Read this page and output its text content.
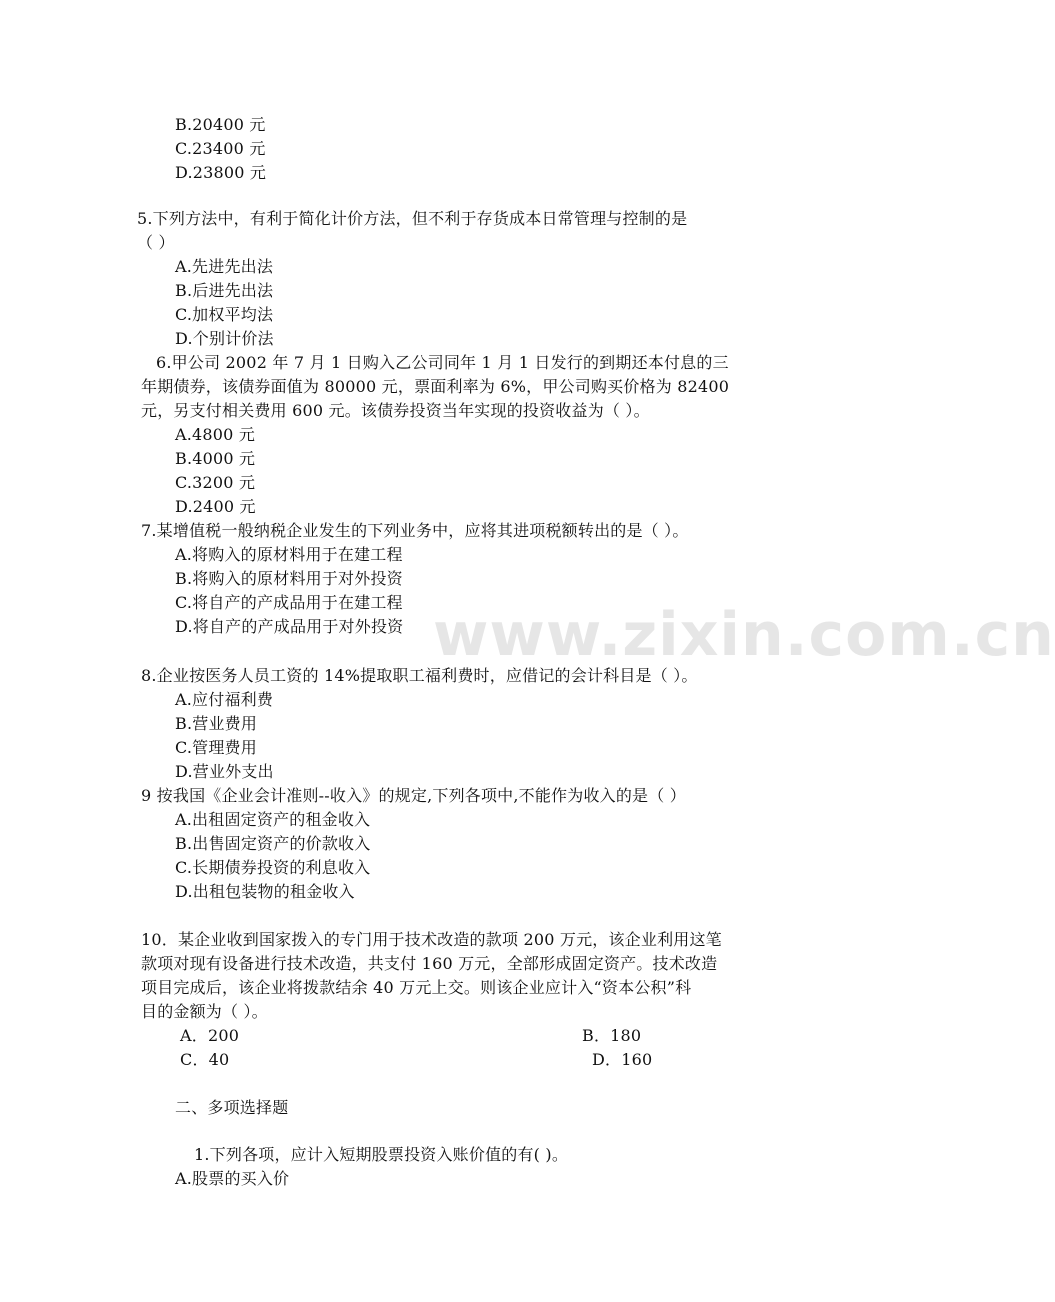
www.zixin.com.cn
B.20400 元
C.23400 元
D.23800 元
5.下列方法中，有利于简化计价方法，但不利于存货成本日常管理与控制的是
（ ）
A.先进先出法
B.后进先出法
C.加权平均法
D.个别计价法
6.甲公司 2002 年 7 月 1 日购入乙公司同年 1 月 1 日发行的到期还本付息的三
年期债券，该债券面值为 80000 元，票面利率为 6%，甲公司购买价格为 82400
元，另支付相关费用 600 元。该债券投资当年实现的投资收益为（ ）。
A.4800 元
B.4000 元
C.3200 元
D.2400 元
7.某增值税一般纳税企业发生的下列业务中，应将其进项税额转出的是（ ）。
A.将购入的原材料用于在建工程
B.将购入的原材料用于对外投资
C.将自产的产成品用于在建工程
D.将自产的产成品用于对外投资
8.企业按医务人员工资的 14%提取职工福利费时，应借记的会计科目是（ ）。
A.应付福利费
B.营业费用
C.管理费用
D.营业外支出
9 按我国《企业会计准则--收入》的规定,下列各项中,不能作为收入的是（ ）
A.出租固定资产的租金收入
B.出售固定资产的价款收入
C.长期债券投资的利息收入
D.出租包装物的租金收入
10．某企业收到国家拨入的专门用于技术改造的款项 200 万元，该企业利用这笔
款项对现有设备进行技术改造，共支付 160 万元，全部形成固定资产。技术改造
项目完成后，该企业将拨款结余 40 万元上交。则该企业应计入“资本公积”科
目的金额为（ ）。
A．200	B．180
C．40	D．160
二、多项选择题
1.下列各项，应计入短期股票投资入账价值的有( )。
A.股票的买入价
